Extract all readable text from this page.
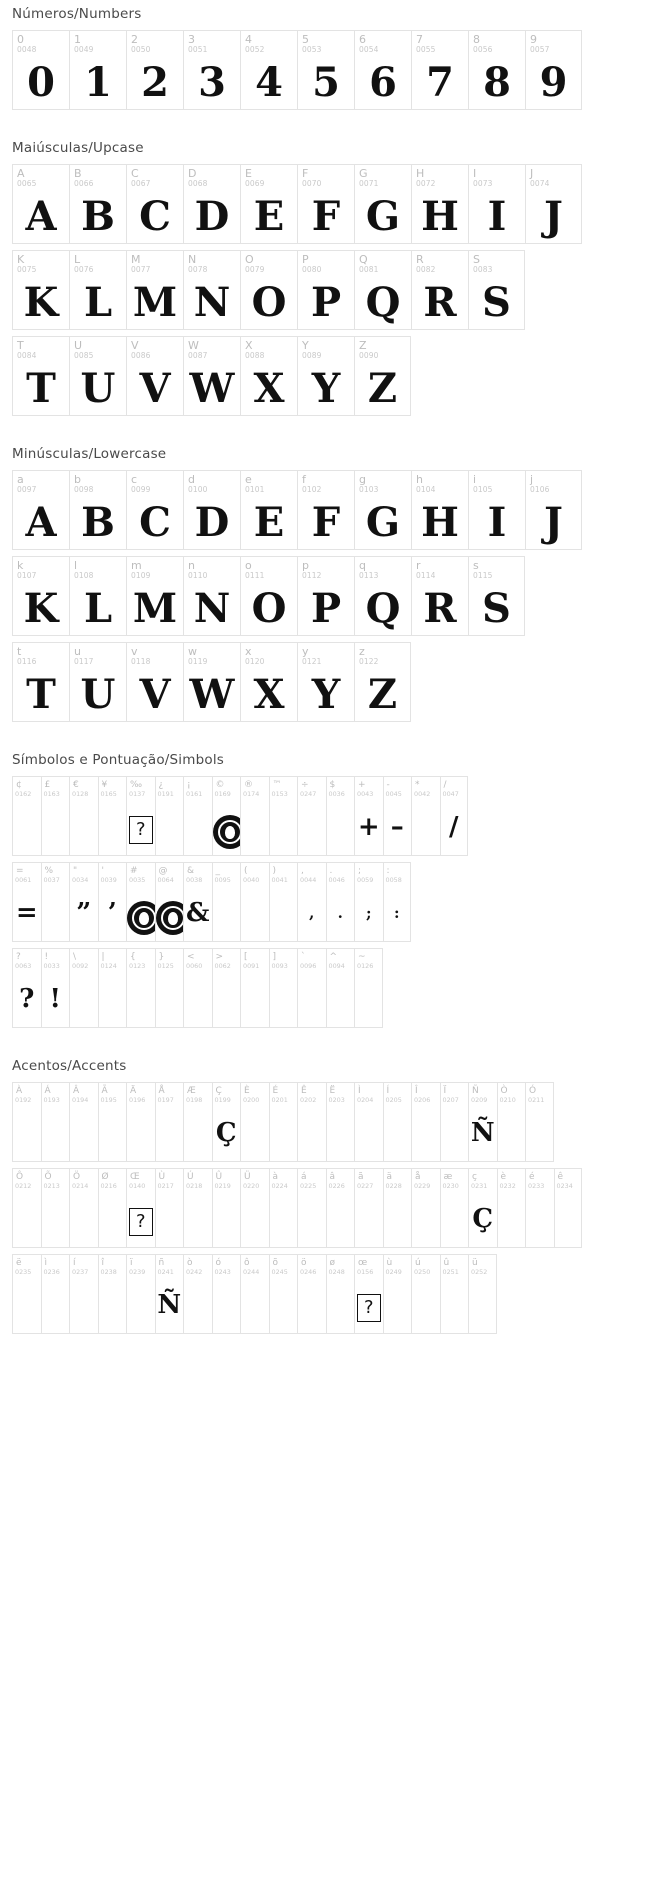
Números/Numbers
0
0048
0
1
0049
1
2
0050
2
3
0051
3
4
0052
4
5
0053
5
6
0054
6
7
0055
7
8
0056
8
9
0057
9
Maiúsculas/Upcase
A
0065
A
B
0066
B
C
0067
C
D
0068
D
E
0069
E
F
0070
F
G
0071
G
H
0072
H
I
0073
I
J
0074
J
K
0075
K
L
0076
L
M
0077
M
N
0078
N
O
0079
O
P
0080
P
Q
0081
Q
R
0082
R
S
0083
S
T
0084
T
U
0085
U
V
0086
V
W
0087
W
X
0088
X
Y
0089
Y
Z
0090
Z
Minúsculas/Lowercase
a
0097
A
b
0098
B
c
0099
C
d
0100
D
e
0101
E
f
0102
F
g
0103
G
h
0104
H
i
0105
I
j
0106
J
k
0107
K
l
0108
L
m
0109
M
n
0110
N
o
0111
O
p
0112
P
q
0113
Q
r
0114
R
s
0115
S
t
0116
T
u
0117
U
v
0118
V
w
0119
W
x
0120
X
y
0121
Y
z
0122
Z
Símbolos e Pontuação/Simbols
¢
0162
£
0163
€
0128
¥
0165
‰
0137
?
¿
0191
¡
0161
©
0169
®
0174
™
0153
÷
0247
$
0036
+
0043
+
-
0045
–
*
0042
/
0047
/
=
0061
=
%
0037
"
0034
”
'
0039
’
#
0035
@
0064
&
0038
&
_
0095
(
0040
)
0041
,
0044
,
.
0046
.
;
0059
;
:
0058
:
?
0063
?
!
0033
!
\
0092
|
0124
{
0123
}
0125
<
0060
>
0062
[
0091
]
0093
`
0096
^
0094
~
0126
Acentos/Accents
À
0192
Á
0193
Â
0194
Ã
0195
Ä
0196
Å
0197
Æ
0198
Ç
0199
Ç
È
0200
É
0201
Ê
0202
Ë
0203
Ì
0204
Í
0205
Î
0206
Ï
0207
Ñ
0209
Ñ
Ò
0210
Ó
0211
Ô
0212
Õ
0213
Ö
0214
Ø
0216
Œ
0140
?
Ù
0217
Ú
0218
Û
0219
Ü
0220
à
0224
á
0225
â
0226
ã
0227
ä
0228
å
0229
æ
0230
ç
0231
Ç
è
0232
é
0233
ê
0234
ë
0235
ì
0236
í
0237
î
0238
ï
0239
ñ
0241
Ñ
ò
0242
ó
0243
ô
0244
õ
0245
ö
0246
ø
0248
œ
0156
?
ù
0249
ú
0250
û
0251
ü
0252
